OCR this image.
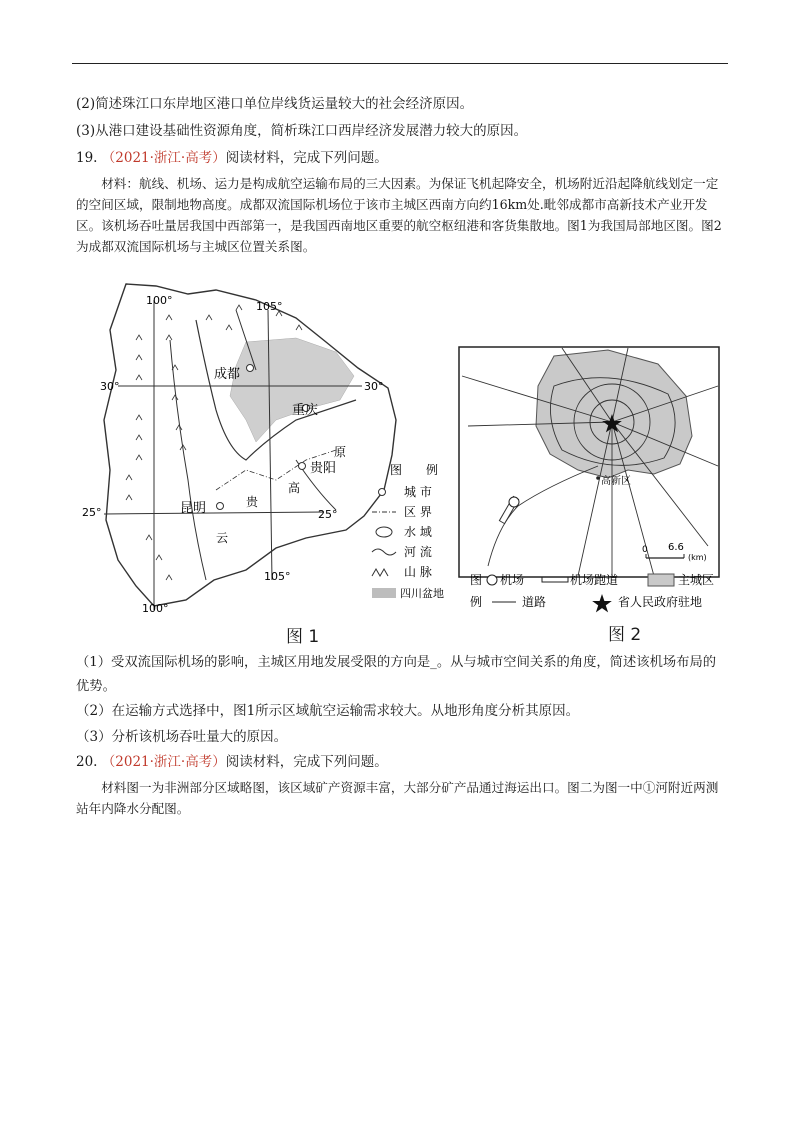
(2)简述珠江口东岸地区港口单位岸线货运量较大的社会经济原因。
(3)从港口建设基础性资源角度，简析珠江口西岸经济发展潜力较大的原因。
19. （2021·浙江·高考）阅读材料，完成下列问题。
材料：航线、机场、运力是构成航空运输布局的三大因素。为保证飞机起降安全，机场附近沿起降航线划定一定的空间区域，限制地物高度。成都双流国际机场位于该市主城区西南方向约16km处.毗邻成都市高新技术产业开发区。该机场吞吐量居我国中西部第一，是我国西南地区重要的航空枢纽港和客货集散地。图1为我国局部地区图。图2为成都双流国际机场与主城区位置关系图。
成都
重庆
贵阳
昆明
云
贵
高
原
100°	105°
105°
100°
30°	30°
25°	25°
图 例
城 市
区 界
水 域
河 流
山 脉
四川盆地
高新区
0 6.6
(km)
图
例
机场	机场跑道	主城区
道路	省人民政府驻地
图 1	图 2
（1）受双流国际机场的影响，主城区用地发展受限的方向是_。从与城市空间关系的角度，简述该机场布局的优势。
（2）在运输方式选择中，图1所示区域航空运输需求较大。从地形角度分析其原因。
（3）分析该机场吞吐量大的原因。
20. （2021·浙江·高考）阅读材料，完成下列问题。
材料图一为非洲部分区域略图，该区域矿产资源丰富，大部分矿产品通过海运出口。图二为图一中①河附近两测站年内降水分配图。
